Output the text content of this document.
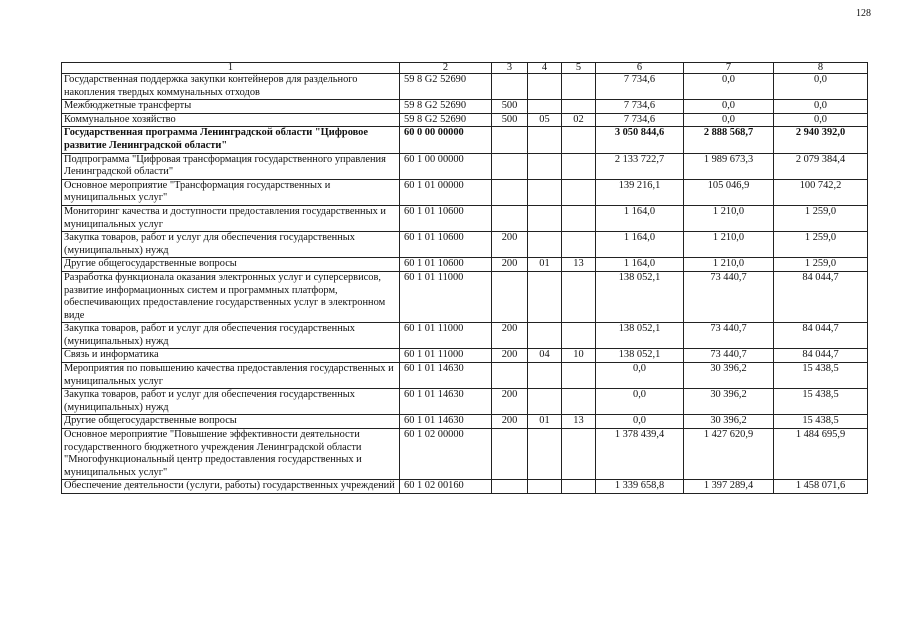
128
1	2	3	4	5	6	7	8
Государственная поддержка закупки контейнеров для раздельного накопления твердых коммунальных отходов	59 8 G2 52690				7 734,6	0,0	0,0
Межбюджетные трансферты	59 8 G2 52690	500			7 734,6	0,0	0,0
Коммунальное хозяйство	59 8 G2 52690	500	05	02	7 734,6	0,0	0,0
Государственная программа Ленинградской области "Цифровое развитие Ленинградской области"	60 0 00 00000				3 050 844,6	2 888 568,7	2 940 392,0
Подпрограмма "Цифровая трансформация государственного управления Ленинградской области"	60 1 00 00000				2 133 722,7	1 989 673,3	2 079 384,4
Основное мероприятие "Трансформация государственных и муниципальных услуг"	60 1 01 00000				139 216,1	105 046,9	100 742,2
Мониторинг качества и доступности предоставления государственных и муниципальных услуг	60 1 01 10600				1 164,0	1 210,0	1 259,0
Закупка товаров, работ и услуг для обеспечения государственных (муниципальных) нужд	60 1 01 10600	200			1 164,0	1 210,0	1 259,0
Другие общегосударственные вопросы	60 1 01 10600	200	01	13	1 164,0	1 210,0	1 259,0
Разработка функционала оказания электронных услуг и суперсервисов, развитие информационных систем и программных платформ, обеспечивающих предоставление государственных услуг в электронном виде	60 1 01 11000				138 052,1	73 440,7	84 044,7
Закупка товаров, работ и услуг для обеспечения государственных (муниципальных) нужд	60 1 01 11000	200			138 052,1	73 440,7	84 044,7
Связь и информатика	60 1 01 11000	200	04	10	138 052,1	73 440,7	84 044,7
Мероприятия по повышению качества предоставления государственных и муниципальных услуг	60 1 01 14630				0,0	30 396,2	15 438,5
Закупка товаров, работ и услуг для обеспечения государственных (муниципальных) нужд	60 1 01 14630	200			0,0	30 396,2	15 438,5
Другие общегосударственные вопросы	60 1 01 14630	200	01	13	0,0	30 396,2	15 438,5
Основное мероприятие "Повышение эффективности деятельности государственного бюджетного учреждения Ленинградской области "Многофункциональный центр предоставления государственных и муниципальных услуг"	60 1 02 00000				1 378 439,4	1 427 620,9	1 484 695,9
Обеспечение деятельности (услуги, работы) государственных учреждений	60 1 02 00160				1 339 658,8	1 397 289,4	1 458 071,6
